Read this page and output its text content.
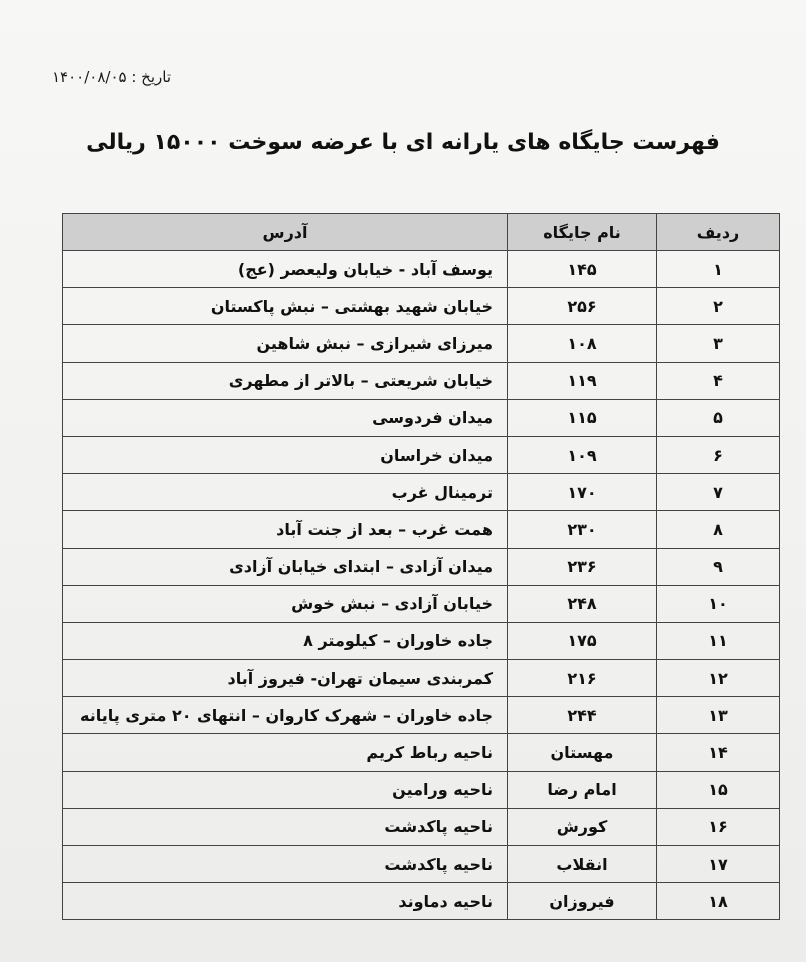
تاریخ : ۱۴۰۰/۰۸/۰۵
فهرست جایگاه های یارانه ای با عرضه سوخت ۱۵۰۰۰ ریالی
ردیف	نام جایگاه	آدرس
۱	۱۴۵	یوسف آباد - خیابان ولیعصر (عج)
۲	۲۵۶	خیابان شهید بهشتی – نبش پاکستان
۳	۱۰۸	میرزای شیرازی – نبش شاهین
۴	۱۱۹	خیابان شریعتی – بالاتر از مطهری
۵	۱۱۵	میدان فردوسی
۶	۱۰۹	میدان خراسان
۷	۱۷۰	ترمینال غرب
۸	۲۳۰	همت غرب – بعد از جنت آباد
۹	۲۳۶	میدان آزادی – ابتدای خیابان آزادی
۱۰	۲۴۸	خیابان آزادی – نبش خوش
۱۱	۱۷۵	جاده خاوران – کیلومتر ۸
۱۲	۲۱۶	کمربندی سیمان تهران- فیروز آباد
۱۳	۲۴۴	جاده خاوران – شهرک کاروان – انتهای ۲۰ متری پایانه
۱۴	مهستان	ناحیه رباط کریم
۱۵	امام رضا	ناحیه ورامین
۱۶	کورش	ناحیه پاکدشت
۱۷	انقلاب	ناحیه پاکدشت
۱۸	فیروزان	ناحیه دماوند
